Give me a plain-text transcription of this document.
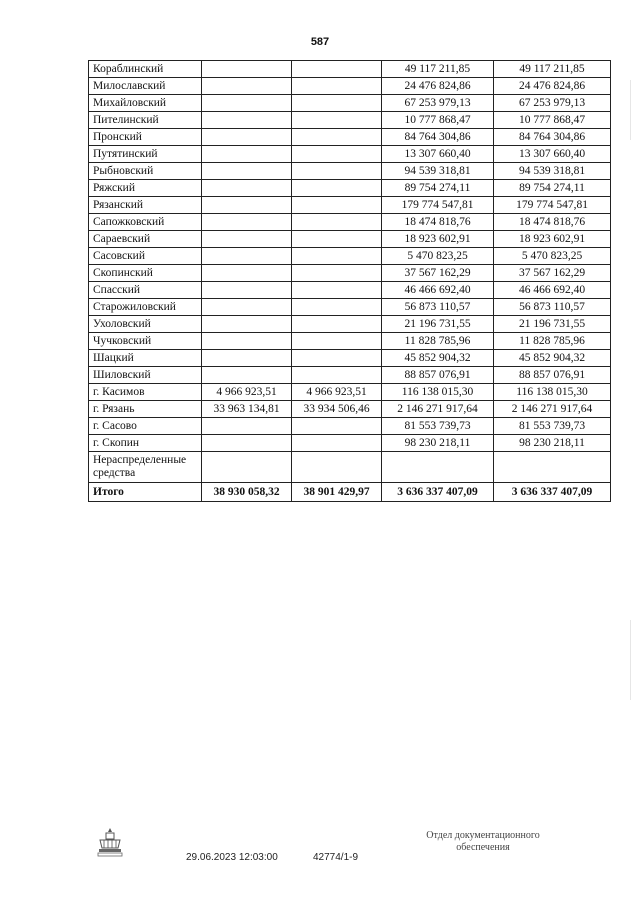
587
Кораблинский			49 117 211,85	49 117 211,85
Милославский			24 476 824,86	24 476 824,86
Михайловский			67 253 979,13	67 253 979,13
Пителинский			10 777 868,47	10 777 868,47
Пронский			84 764 304,86	84 764 304,86
Путятинский			13 307 660,40	13 307 660,40
Рыбновский			94 539 318,81	94 539 318,81
Ряжский			89 754 274,11	89 754 274,11
Рязанский			179 774 547,81	179 774 547,81
Сапожковский			18 474 818,76	18 474 818,76
Сараевский			18 923 602,91	18 923 602,91
Сасовский			5 470 823,25	5 470 823,25
Скопинский			37 567 162,29	37 567 162,29
Спасский			46 466 692,40	46 466 692,40
Старожиловский			56 873 110,57	56 873 110,57
Ухоловский			21 196 731,55	21 196 731,55
Чучковский			11 828 785,96	11 828 785,96
Шацкий			45 852 904,32	45 852 904,32
Шиловский			88 857 076,91	88 857 076,91
г. Касимов	4 966 923,51	4 966 923,51	116 138 015,30	116 138 015,30
г. Рязань	33 963 134,81	33 934 506,46	2 146 271 917,64	2 146 271 917,64
г. Сасово			81 553 739,73	81 553 739,73
г. Скопин			98 230 218,11	98 230 218,11
Нераспределенные средства				
Итого	38 930 058,32	38 901 429,97	3 636 337 407,09	3 636 337 407,09
29.06.2023 12:03:00	42774/1-9
Отдел документационного
обеспечения
